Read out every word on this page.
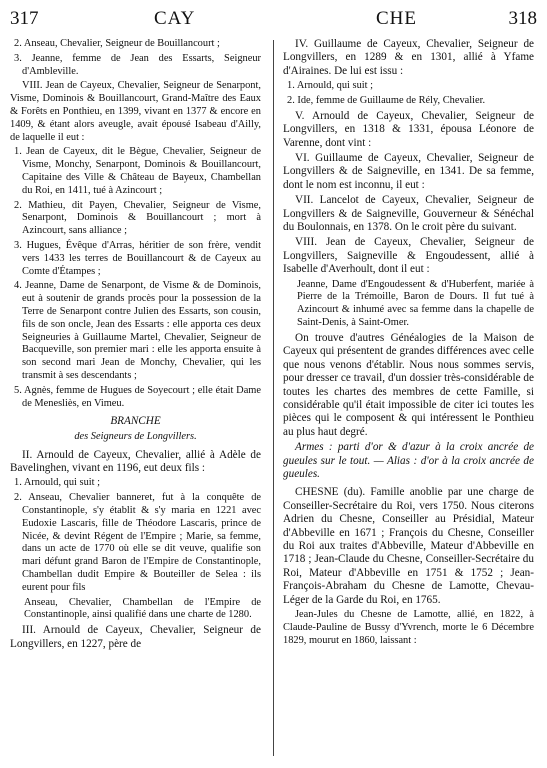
317	CAY	CHE	318

2. Anseau, Chevalier, Seigneur de Bouillancourt ;

3. Jeanne, femme de Jean des Essarts, Seigneur d'Ambleville.

VIII. Jean de Cayeux, Chevalier, Seigneur de Senarpont, Visme, Dominois & Bouillancourt, Grand-Maître des Eaux & Forêts en Ponthieu, en 1399, vivant en 1377 & encore en 1409, & étant alors aveugle, avait épousé Isabeau d'Ailly, de laquelle il eut :

1. Jean de Cayeux, dit le Bègue, Chevalier, Seigneur de Visme, Monchy, Senarpont, Dominois & Bouillancourt, Capitaine des Ville & Château de Bayeux, Chambellan du Roi, en 1411, tué à Azincourt ;

2. Mathieu, dit Payen, Chevalier, Seigneur de Visme, Senarpont, Dominois & Bouillancourt ; mort à Azincourt, sans alliance ;

3. Hugues, Évêque d'Arras, héritier de son frère, vendit vers 1433 les terres de Bouillancourt & de Cayeux au Comte d'Étampes ;

4. Jeanne, Dame de Senarpont, de Visme & de Dominois, eut à soutenir de grands procès pour la possession de la Terre de Senarpont contre Julien des Essarts, son cousin, fils de son oncle, Jean des Essarts : elle apporta ces deux Seigneuries à Guillaume Martel, Chevalier, Seigneur de Bacqueville, son premier mari : elle les apporta ensuite à son second mari Jean de Monchy, Chevalier, qui les transmit à ses descendants ;

5. Agnès, femme de Hugues de Soyecourt ; elle était Dame de Menesliès, en Vimeu.

BRANCHE

des Seigneurs de Longvillers.

II. Arnould de Cayeux, Chevalier, allié à Adèle de Bavelinghen, vivant en 1196, eut deux fils :

1. Arnould, qui suit ;

2. Anseau, Chevalier banneret, fut à la conquête de Constantinople, s'y établit & s'y maria en 1221 avec Eudoxie Lascaris, fille de Théodore Lascaris, prince de Nicée, & devint Régent de l'Empire ; Marie, sa femme, dans un acte de 1770 où elle se dit veuve, qualifie son mari défunt grand Baron de l'Empire de Constantinople, Chambellan dudit Empire & Bouteiller de Selea : ils eurent pour fils

Anseau, Chevalier, Chambellan de l'Empire de Constantinople, ainsi qualifié dans une charte de 1280.

III. Arnould de Cayeux, Chevalier, Seigneur de Longvillers, en 1227, père de

IV. Guillaume de Cayeux, Chevalier, Seigneur de Longvillers, en 1289 & en 1301, allié à Yfame d'Airaines. De lui est issu :

1. Arnould, qui suit ;

2. Ide, femme de Guillaume de Rély, Chevalier.

V. Arnould de Cayeux, Chevalier, Seigneur de Longvillers, en 1318 & 1331, épousa Léonore de Varenne, dont vint :

VI. Guillaume de Cayeux, Chevalier, Seigneur de Longvillers & de Saigneville, en 1341. De sa femme, dont le nom est inconnu, il eut :

VII. Lancelot de Cayeux, Chevalier, Seigneur de Longvillers & de Saigneville, Gouverneur & Sénéchal du Boulonnais, en 1378. On le croit père du suivant.

VIII. Jean de Cayeux, Chevalier, Seigneur de Longvillers, Saigneville & Engoudessent, allié à Isabelle d'Averhoult, dont il eut :

Jeanne, Dame d'Engoudessent & d'Huberfent, mariée à Pierre de la Trémoille, Baron de Dours. Il fut tué à Azincourt & inhumé avec sa femme dans la chapelle de Saint-Denis, à Saint-Omer.

On trouve d'autres Généalogies de la Maison de Cayeux qui présentent de grandes différences avec celle que nous venons d'établir. Nous nous sommes servis, pour dresser ce travail, d'un dossier très-considérable de toutes les chartes des membres de cette Famille, si considérable qu'il était impossible de citer ici toutes les pièces qui le composent & qui intéressent le Ponthieu au plus haut degré.

Armes : parti d'or & d'azur à la croix ancrée de gueules sur le tout. — Alias : d'or à la croix ancrée de gueules.

CHESNE (du). Famille anoblie par une charge de Conseiller-Secrétaire du Roi, vers 1750. Nous citerons Adrien du Chesne, Conseiller au Présidial, Mateur d'Abbeville en 1671 ; François du Chesne, Conseiller du Roi aux traites d'Abbeville, Mateur d'Abbeville en 1718 ; Jean-Claude du Chesne, Conseiller-Secrétaire du Roi, Mateur d'Abbeville en 1751 & 1752 ; Jean-François-Abraham du Chesne de Lamotte, Chevau-Léger de la Garde du Roi, en 1765.

Jean-Jules du Chesne de Lamotte, allié, en 1822, à Claude-Pauline de Bussy d'Yvrench, morte le 6 Décembre 1829, mourut en 1860, laissant :
